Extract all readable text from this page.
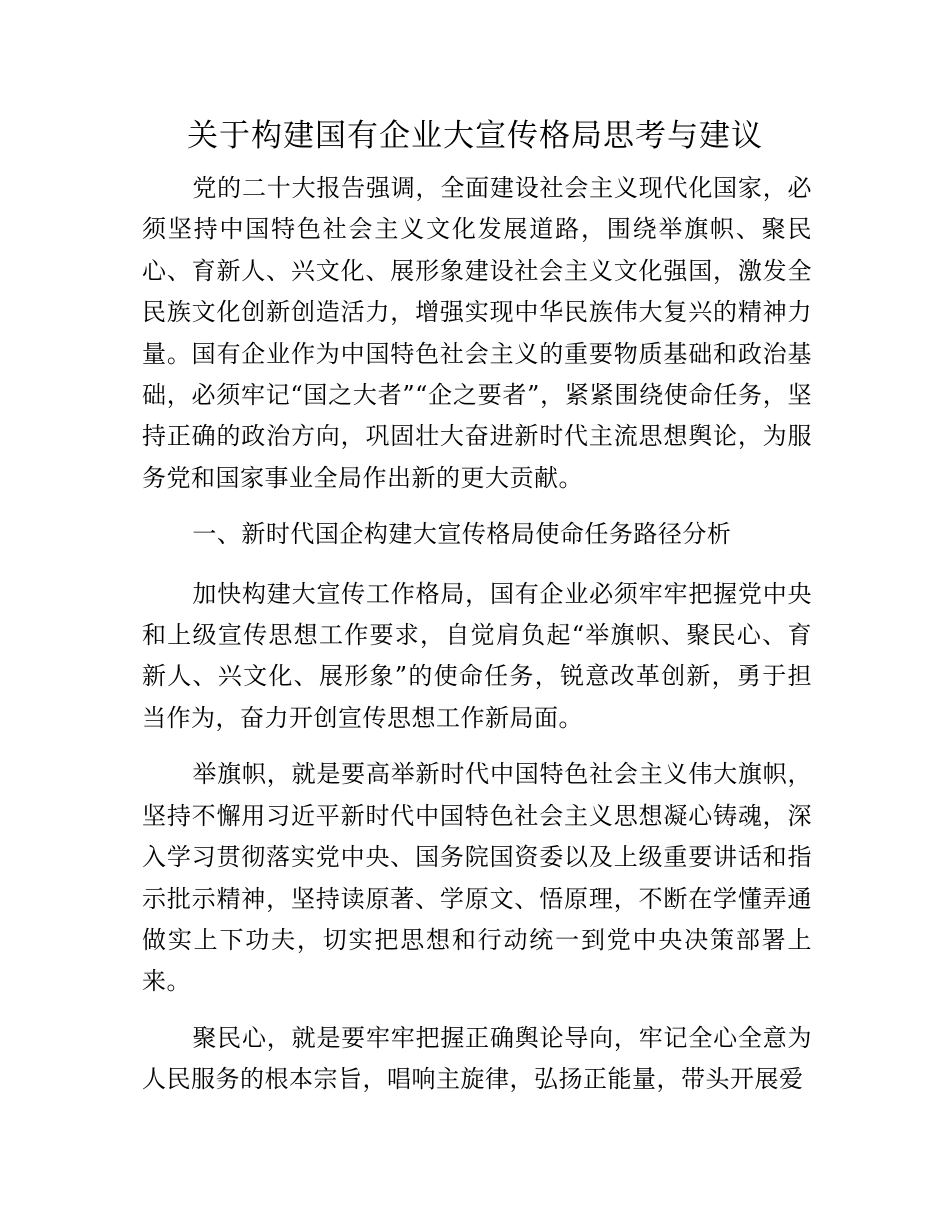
关于构建国有企业大宣传格局思考与建议

党的二十大报告强调，全面建设社会主义现代化国家，必须坚持中国特色社会主义文化发展道路，围绕举旗帜、聚民心、育新人、兴文化、展形象建设社会主义文化强国，激发全民族文化创新创造活力，增强实现中华民族伟大复兴的精神力量。国有企业作为中国特色社会主义的重要物质基础和政治基础，必须牢记“国之大者”“企之要者”，紧紧围绕使命任务，坚持正确的政治方向，巩固壮大奋进新时代主流思想舆论，为服务党和国家事业全局作出新的更大贡献。

一、新时代国企构建大宣传格局使命任务路径分析

加快构建大宣传工作格局，国有企业必须牢牢把握党中央和上级宣传思想工作要求，自觉肩负起“举旗帜、聚民心、育新人、兴文化、展形象”的使命任务，锐意改革创新，勇于担当作为，奋力开创宣传思想工作新局面。

举旗帜，就是要高举新时代中国特色社会主义伟大旗帜，坚持不懈用习近平新时代中国特色社会主义思想凝心铸魂，深入学习贯彻落实党中央、国务院国资委以及上级重要讲话和指示批示精神，坚持读原著、学原文、悟原理，不断在学懂弄通做实上下功夫，切实把思想和行动统一到党中央决策部署上来。

聚民心，就是要牢牢把握正确舆论导向，牢记全心全意为人民服务的根本宗旨，唱响主旋律，弘扬正能量，带头开展爱
